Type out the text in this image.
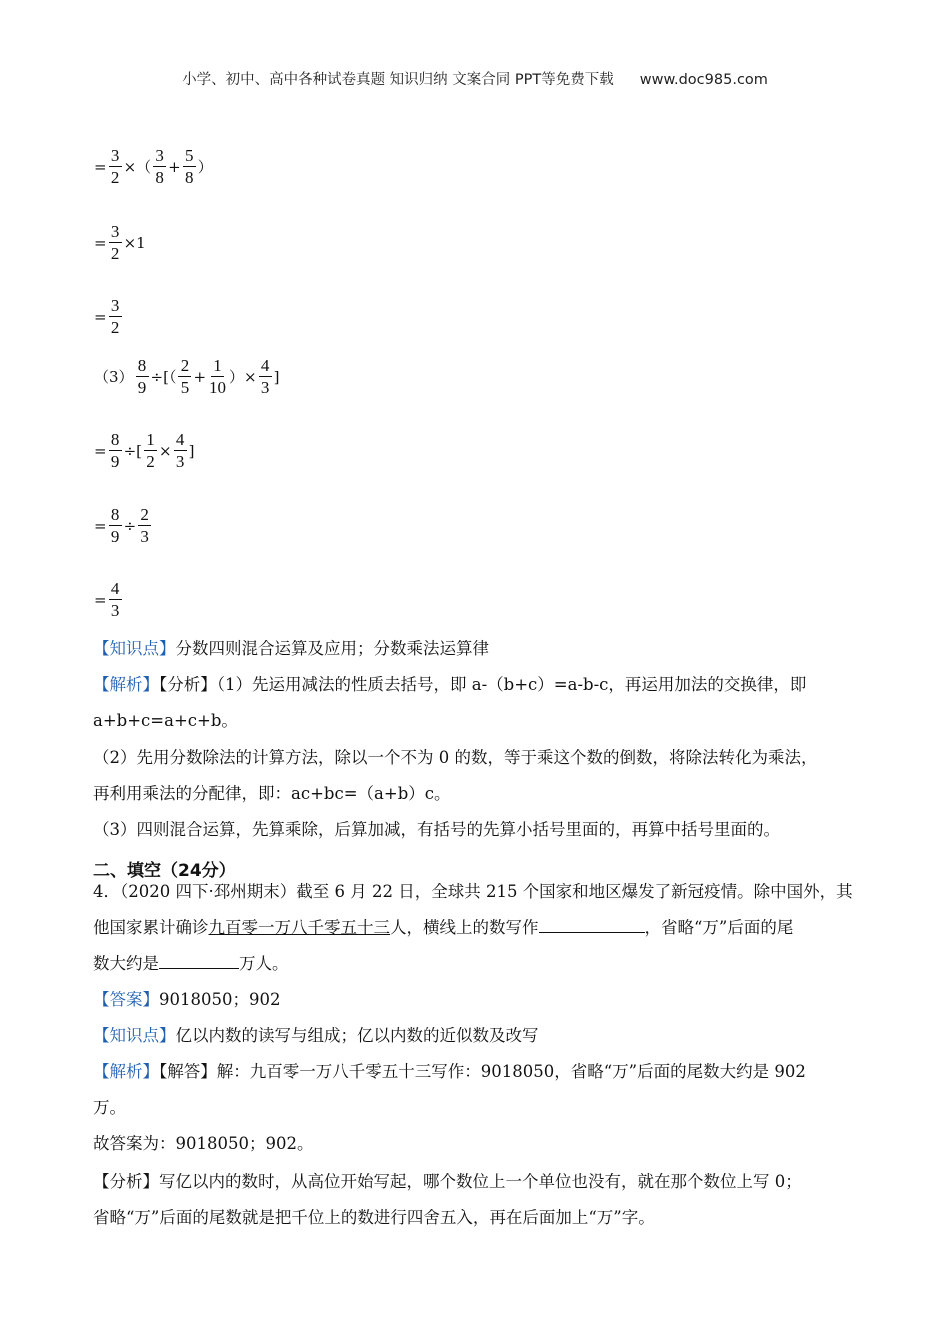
小学、初中、高中各种试卷真题 知识归纳 文案合同 PPT等免费下载 www.doc985.com
= $\frac{3}{2}$ ×（ $\frac{3}{8} + \frac{5}{8}$ ）
= $\frac{3}{2} \times 1$
= $\frac{3}{2}$
$(3) \frac{8}{9}$ ÷[（ $\frac{2}{5} + \frac{1}{10}$ ）× $\frac{4}{3}$ ]
= $\frac{8}{9}$ ÷[ $\frac{1}{2} \times \frac{4}{3}$ ]
= $\frac{8}{9} \div \frac{2}{3}$
= $\frac{4}{3}$
【知识点】分数四则混合运算及应用；分数乘法运算律
【解析】【分析】（1）先运用减法的性质去括号，即 a-（b+c）=a-b-c，再运用加法的交换律，即
a+b+c=a+c+b。
（2）先用分数除法的计算方法，除以一个不为 0 的数，等于乘这个数的倒数，将除法转化为乘法，
再利用乘法的分配律，即：ac+bc=（a+b）c。
（3）四则混合运算，先算乘除，后算加减，有括号的先算小括号里面的，再算中括号里面的。
二、填空（24分）
4．（2020 四下·邳州期末）截至 6 月 22 日，全球共 215 个国家和地区爆发了新冠疫情。除中国外，其
他国家累计确诊九百零一万八千零五十三人，横线上的数写作	，省略“万”后面的尾
数大约是	万人。
【答案】9018050；902
【知识点】亿以内数的读写与组成；亿以内数的近似数及改写
【解析】【解答】解：九百零一万八千零五十三写作：9018050，省略“万”后面的尾数大约是 902
万。
故答案为：9018050；902。
【分析】写亿以内的数时，从高位开始写起，哪个数位上一个单位也没有，就在那个数位上写 0；
省略“万”后面的尾数就是把千位上的数进行四舍五入，再在后面加上“万”字。
